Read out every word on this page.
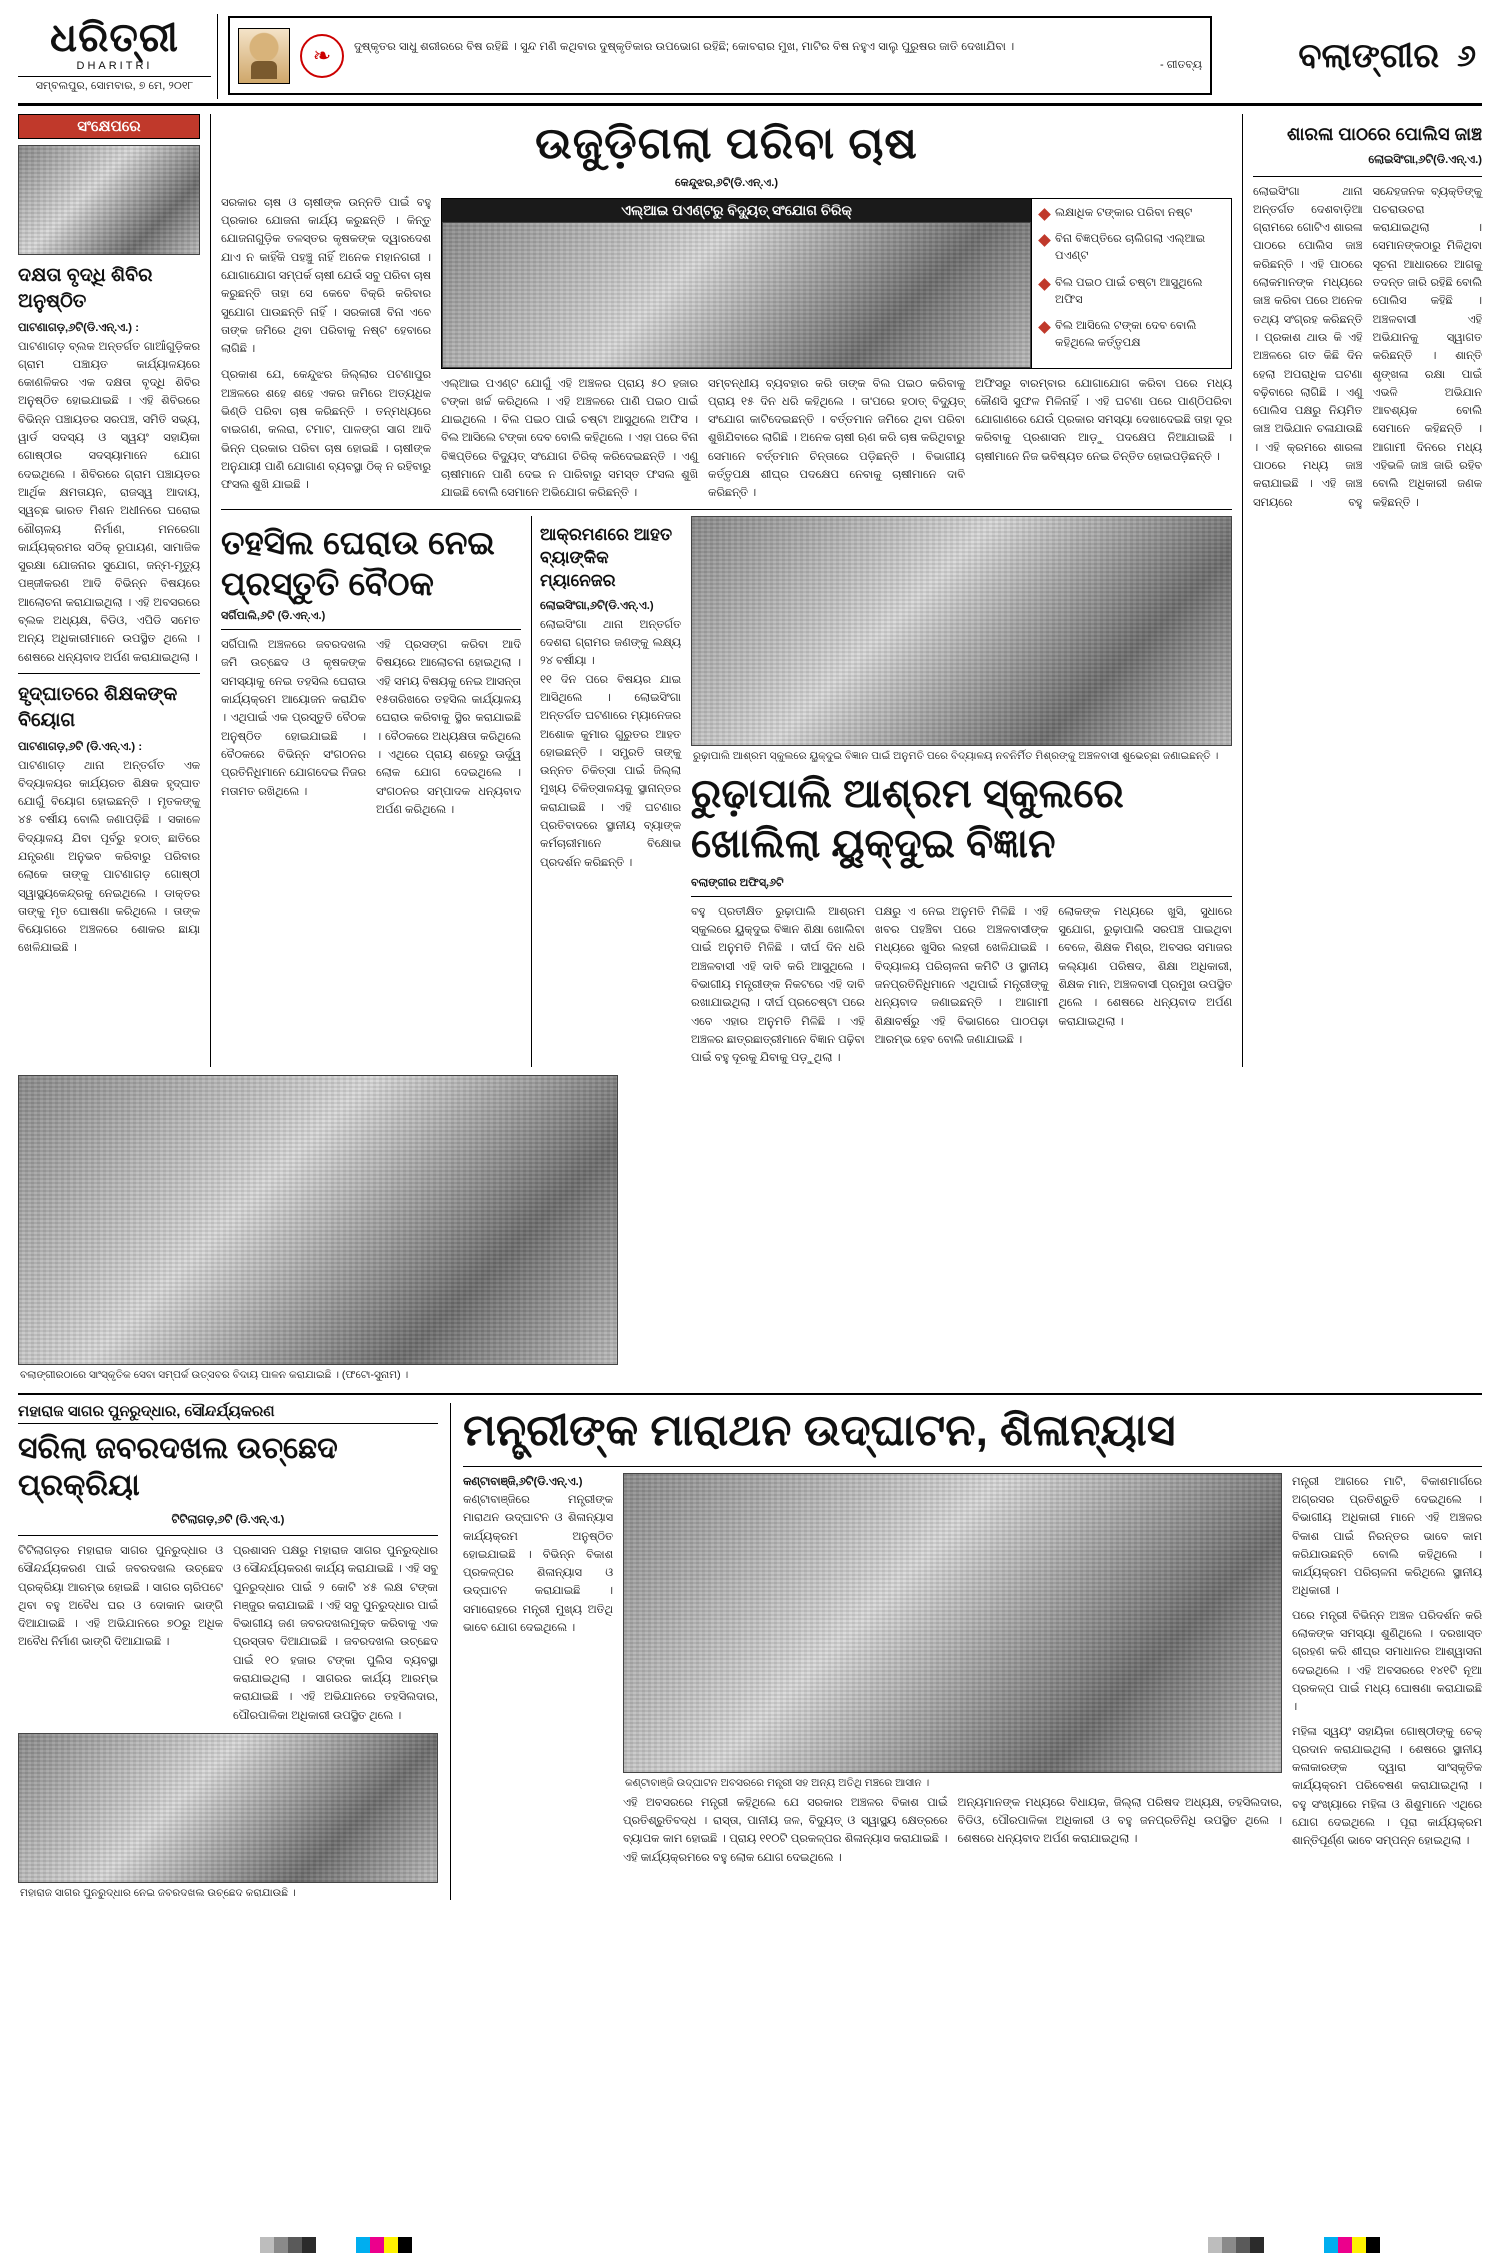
ଧରିତ୍ରୀ
DHARITRI
ସମ୍ବଲପୁର, ସୋମବାର, ୭ ମେ, ୨୦୧୮
❧	ଦୁଷ୍କୃତର ସାଧୁ ଶରୀରରେ ବିଷ ରହିଛି । ସୁନ୍ଦ ମଣି କଥିବାର ଦୁଷ୍କୃତିକାର ଉପଭୋଗ ରହିଛି; କୋବରାର ମୁଖ, ମାଟିର ବିଷ ନହୁଏ ସାଲୁ ପୁରୁଷର ଜାତି ଦେଖାଯିବା ।
- ଗୀତବ୍ୟ	ବଲାଙ୍ଗୀର ୬
ସଂକ୍ଷେପରେ
ଦକ୍ଷତା ବୃଦ୍ଧି ଶିବିର ଅନୁଷ୍ଠିତ
ପାଟଣାଗଡ଼,୬ଟି(ଡି.ଏନ୍.ଏ.) :
ପାଟଣାଗଡ଼ ବ୍ଲକ ଅନ୍ତର୍ଗତ ଗାଆଁଗୁଡ଼ିକର ଗ୍ରାମ ପଞ୍ଚାୟତ କାର୍ଯ୍ୟାଳୟରେ କୋଣଳିକର ଏକ ଦକ୍ଷତା ବୃଦ୍ଧି ଶିବିର ଅନୁଷ୍ଠିତ ହୋଇଯାଇଛି । ଏହି ଶିବିରରେ ବିଭିନ୍ନ ପଞ୍ଚାୟତର ସରପଞ୍ଚ, ସମିତି ସଭ୍ୟ, ୱାର୍ଡ ସଦସ୍ୟ ଓ ସ୍ୱୟଂ ସହାୟିକା ଗୋଷ୍ଠୀର ସଦସ୍ୟାମାନେ ଯୋଗ ଦେଇଥିଲେ । ଶିବିରରେ ଗ୍ରାମ ପଞ୍ଚାୟତର ଆର୍ଥିକ କ୍ଷମତାୟନ, ରାଜସ୍ୱ ଆଦାୟ, ସ୍ୱଚ୍ଛ ଭାରତ ମିଶନ ଅଧୀନରେ ଘରୋଇ ଶୌଚାଳୟ ନିର୍ମାଣ, ମନରେଗା କାର୍ଯ୍ୟକ୍ରମର ସଠିକ୍ ରୂପାୟଣ, ସାମାଜିକ ସୁରକ୍ଷା ଯୋଜନାର ସୁଯୋଗ, ଜନ୍ମ-ମୃତ୍ୟୁ ପଞ୍ଜୀକରଣ ଆଦି ବିଭିନ୍ନ ବିଷୟରେ ଆଲୋଚନା କରାଯାଇଥିଲା । ଏହି ଅବସରରେ ବ୍ଲକ ଅଧ୍ୟକ୍ଷ, ବିଡିଓ, ଏପିଡି ସମେତ ଅନ୍ୟ ଅଧିକାରୀମାନେ ଉପସ୍ଥିତ ଥିଲେ । ଶେଷରେ ଧନ୍ୟବାଦ ଅର୍ପଣ କରାଯାଇଥିଲା ।
ହୃଦ୍‌ଘାତରେ ଶିକ୍ଷକଙ୍କ ବିୟୋଗ
ପାଟଣାଗଡ଼,୬ଟି (ଡି.ଏନ୍.ଏ.) :
ପାଟଣାଗଡ଼ ଥାନା ଅନ୍ତର୍ଗତ ଏକ ବିଦ୍ୟାଳୟର କାର୍ଯ୍ୟରତ ଶିକ୍ଷକ ହୃଦ୍‌ଘାତ ଯୋଗୁଁ ବିୟୋଗ ହୋଇଛନ୍ତି । ମୃତକଙ୍କୁ ୪୫ ବର୍ଷୀୟ ବୋଲି ଜଣାପଡ଼ିଛି । ସକାଳେ ବିଦ୍ୟାଳୟ ଯିବା ପୂର୍ବରୁ ହଠାତ୍ ଛାତିରେ ଯନ୍ତ୍ରଣା ଅନୁଭବ କରିବାରୁ ପରିବାର ଲୋକେ ତାଙ୍କୁ ପାଟଣାଗଡ଼ ଗୋଷ୍ଠୀ ସ୍ୱାସ୍ଥ୍ୟକେନ୍ଦ୍ରକୁ ନେଇଥିଲେ । ଡାକ୍ତର ତାଙ୍କୁ ମୃତ ଘୋଷଣା କରିଥିଲେ । ତାଙ୍କ ବିୟୋଗରେ ଅଞ୍ଚଳରେ ଶୋକର ଛାୟା ଖେଳିଯାଇଛି ।
ଉଜୁଡ଼ିଗଲା ପରିବା ଚାଷ
କେନ୍ଦୁଝର,୬ଟି(ଡି.ଏନ୍.ଏ.)
ସରକାର ଚାଷ ଓ ଚାଷୀଙ୍କ ଉନ୍ନତି ପାଇଁ ବହୁ ପ୍ରକାର ଯୋଜନା କାର୍ଯ୍ୟ କରୁଛନ୍ତି । କିନ୍ତୁ ଯୋଜନାଗୁଡ଼ିକ ତଳସ୍ତର କୃଷକଙ୍କ ଦ୍ୱାରଦେଶ ଯାଏ ନ କାହିଁକି ପହଞ୍ଚୁ ନାହିଁ ଅନେକ ମହାନଗରୀ । ଯୋଗାଯୋଗ ସମ୍ପର୍କ ଚାଷୀ ଯେଉଁ ସବୁ ପରିବା ଚାଷ କରୁଛନ୍ତି ତାହା ସେ କେବେ ବିକ୍ରି କରିବାର ସୁଯୋଗ ପାଉଛନ୍ତି ନାହିଁ । ସରକାରୀ ବିନା ଏବେ ତାଙ୍କ ଜମିରେ ଥିବା ପରିବାକୁ ନଷ୍ଟ ହେବାରେ ଲାଗିଛି ।
ପ୍ରକାଶ ଯେ, କେନ୍ଦୁଝର ଜିଲ୍ଲାର ପଟଣାପୁର ଅଞ୍ଚଳରେ ଶହେ ଶହେ ଏକର ଜମିରେ ଅତ୍ୟଧିକ ଭିଣ୍ଡି ପରିବା ଚାଷ କରିଛନ୍ତି । ତନ୍ମଧ୍ୟରେ ବାଇଗଣ, କଲରା, ଟମାଟ, ପାଳଙ୍ଗ ସାଗ ଆଦି ଭିନ୍ନ ପ୍ରକାର ପରିବା ଚାଷ ହୋଇଛି । ଚାଷୀଙ୍କ ଅନୁଯାୟୀ ପାଣି ଯୋଗାଣ ବ୍ୟବସ୍ଥା ଠିକ୍ ନ ରହିବାରୁ ଫସଲ ଶୁଖି ଯାଇଛି ।
ଏଲ୍‌ଆଇ ପଏଣ୍ଟରୁ ବିଦ୍ୟୁତ୍ ସଂଯୋଗ ଚିରିକ୍	ଲକ୍ଷାଧିକ ଟଙ୍କାର ପରିବା ନଷ୍ଟ
ବିନା ବିଜ୍ଞପ୍ତିରେ ଚାଲିଗଲା ଏଲ୍‌ଆଇ ପଏଣ୍ଟ
ବିଲ ପଇଠ ପାଇଁ ଚଷ୍ଟା ଆସୁଥିଲେ ଅଫିସ
ବିଲ ଆସିଲେ ଟଙ୍କା ଦେବ ବୋଲି କହିଥିଲେ କର୍ତ୍ତୃପକ୍ଷ
ଏଲ୍‌ଆଇ ପଏଣ୍ଟ ଯୋଗୁଁ ଏହି ଅଞ୍ଚଳର ପ୍ରାୟ ୫୦ ହଜାର ଟଙ୍କା ଖର୍ଚ୍ଚ କରିଥିଲେ । ଏହି ଅଞ୍ଚଳରେ ପାଣି ପଇଠ ପାଇଁ ଯାଇଥିଲେ । ବିଲ ପଇଠ ପାଇଁ ଚଷ୍ଟା ଆସୁଥିଲେ ଅଫିସ । ବିଲ ଆସିଲେ ଟଙ୍କା ଦେବ ବୋଲି କହିଥିଲେ । ଏହା ପରେ ବିନା ବିଜ୍ଞପ୍ତିରେ ବିଦ୍ୟୁତ୍ ସଂଯୋଗ ଚିରିକ୍ କରିଦେଇଛନ୍ତି । ଏଣୁ ଚାଷୀମାନେ ପାଣି ଦେଇ ନ ପାରିବାରୁ ସମସ୍ତ ଫସଲ ଶୁଖି ଯାଇଛି ବୋଲି ସେମାନେ ଅଭିଯୋଗ କରିଛନ୍ତି ।
ସମ୍ବନ୍ଧୀୟ ବ୍ୟବହାର କରି ତାଙ୍କ ବିଲ ପଇଠ କରିବାକୁ ପ୍ରାୟ ୧୫ ଦିନ ଧରି କହିଥିଲେ । ତା'ପରେ ହଠାତ୍ ବିଦ୍ୟୁତ୍ ସଂଯୋଗ କାଟିଦେଇଛନ୍ତି । ବର୍ତ୍ତମାନ ଜମିରେ ଥିବା ପରିବା ଶୁଖିଯିବାରେ ଲାଗିଛି । ଅନେକ ଚାଷୀ ଋଣ କରି ଚାଷ କରିଥିବାରୁ ସେମାନେ ବର୍ତ୍ତମାନ ଚିନ୍ତାରେ ପଡ଼ିଛନ୍ତି । ବିଭାଗୀୟ କର୍ତ୍ତୃପକ୍ଷ ଶୀଘ୍ର ପଦକ୍ଷେପ ନେବାକୁ ଚାଷୀମାନେ ଦାବି କରିଛନ୍ତି ।
ଅଫିସରୁ ବାରମ୍ବାର ଯୋଗାଯୋଗ କରିବା ପରେ ମଧ୍ୟ କୌଣସି ସୁଫଳ ମିଳିନାହିଁ । ଏହି ଘଟଣା ପରେ ପାଣ୍ଠିପରିବା ଯୋଗାଣରେ ଯେଉଁ ପ୍ରକାର ସମସ୍ୟା ଦେଖାଦେଇଛି ତାହା ଦୂର କରିବାକୁ ପ୍ରଶାସନ ଆଡ଼ୁ ପଦକ୍ଷେପ ନିଆଯାଇଛି । ଚାଷୀମାନେ ନିଜ ଭବିଷ୍ୟତ ନେଇ ଚିନ୍ତିତ ହୋଇପଡ଼ିଛନ୍ତି ।
ତହସିଲ ଘେରାଉ ନେଇ ପ୍ରସ୍ତୁତି ବୈଠକ
ସର୍ଗିପାଲି,୬ଟି (ଡି.ଏନ୍.ଏ.)
ସର୍ଗିପାଲି ଅଞ୍ଚଳରେ ଜବରଦଖଲ ଜମି ଉଚ୍ଛେଦ ଓ କୃଷକଙ୍କ ସମସ୍ୟାକୁ ନେଇ ତହସିଲ ଘେରାଉ କାର୍ଯ୍ୟକ୍ରମ ଆୟୋଜନ କରାଯିବ । ଏଥିପାଇଁ ଏକ ପ୍ରସ୍ତୁତି ବୈଠକ ଅନୁଷ୍ଠିତ ହୋଇଯାଇଛି । ବୈଠକରେ ବିଭିନ୍ନ ସଂଗଠନର ପ୍ରତିନିଧିମାନେ ଯୋଗଦେଇ ନିଜର ମତାମତ ରଖିଥିଲେ ।
ଏହି ପ୍ରସଙ୍ଗ କରିବା ଆଦି ବିଷୟରେ ଆଲୋଚନା ହୋଇଥିଲା । ଏହି ସମୟ ବିଷୟକୁ ନେଇ ଆସନ୍ତା ୧୫ତାରିଖରେ ତହସିଲ କାର୍ଯ୍ୟାଳୟ ଘେରାଉ କରିବାକୁ ସ୍ଥିର କରାଯାଇଛି । ବୈଠକରେ ଅଧ୍ୟକ୍ଷତା କରିଥିଲେ । ଏଥିରେ ପ୍ରାୟ ଶହେରୁ ଊର୍ଦ୍ଧ୍ୱ ଲୋକ ଯୋଗ ଦେଇଥିଲେ । ସଂଗଠନର ସମ୍ପାଦକ ଧନ୍ୟବାଦ ଅର୍ପଣ କରିଥିଲେ ।
ଆକ୍ରମଣରେ ଆହତ ବ୍ୟାଙ୍କିକ ମ୍ୟାନେଜର
ଲୋଇସିଂଗା,୬ଟି(ଡି.ଏନ୍.ଏ.)
ଲୋଇସିଂଗା ଥାନା ଅନ୍ତର୍ଗତ ଦେଶରା ଗ୍ରାମର ଜଣଙ୍କୁ ଲକ୍ଷ୍ୟ ୨୪ ବର୍ଷୀୟା ।
୧୧ ଦିନ ପରେ ବିଷୟର ଯାଇ ଆସିଥିଲେ । ଲୋଇସିଂଗା ଅନ୍ତର୍ଗତ ଘଟଣାରେ ମ୍ୟାନେଜର ଅଶୋକ କୁମାର ଗୁରୁତର ଆହତ ହୋଇଛନ୍ତି । ସମ୍ପ୍ରତି ତାଙ୍କୁ ଉନ୍ନତ ଚିକିତ୍ସା ପାଇଁ ଜିଲ୍ଲା ମୁଖ୍ୟ ଚିକିତ୍ସାଳୟକୁ ସ୍ଥାନାନ୍ତର କରାଯାଇଛି । ଏହି ଘଟଣାର ପ୍ରତିବାଦରେ ସ୍ଥାନୀୟ ବ୍ୟାଙ୍କ କର୍ମଚାରୀମାନେ ବିକ୍ଷୋଭ ପ୍ରଦର୍ଶନ କରିଛନ୍ତି ।
ରୁଢ଼ାପାଲି ଆଶ୍ରମ ସ୍କୁଲରେ ୟୁକ୍‌ଦୁଇ ବିଜ୍ଞାନ ପାଇଁ ଅନୁମତି ପରେ ବିଦ୍ୟାଳୟ ନବନିର୍ମିତ ମିଶ୍ରଙ୍କୁ ଅଞ୍ଚଳବାସୀ ଶୁଭେଚ୍ଛା ଜଣାଇଛନ୍ତି ।
ରୁଢ଼ାପାଲି ଆଶ୍ରମ ସ୍କୁଲରେ ଖୋଲିଲା ୟୁକ୍‌ଦୁଇ ବିଜ୍ଞାନ
ବଲାଙ୍ଗୀର ଅଫିସ୍,୬ଟି
ବହୁ ପ୍ରତୀକ୍ଷିତ ରୁଢ଼ାପାଲି ଆଶ୍ରମ ସ୍କୁଲରେ ୟୁକ୍‌ଦୁଇ ବିଜ୍ଞାନ ଶିକ୍ଷା ଖୋଲିବା ପାଇଁ ଅନୁମତି ମିଳିଛି । ଦୀର୍ଘ ଦିନ ଧରି ଅଞ୍ଚଳବାସୀ ଏହି ଦାବି କରି ଆସୁଥିଲେ । ବିଭାଗୀୟ ମନ୍ତ୍ରୀଙ୍କ ନିକଟରେ ଏହି ଦାବି ରଖାଯାଇଥିଲା । ଦୀର୍ଘ ପ୍ରଚେଷ୍ଟା ପରେ ଏବେ ଏହାର ଅନୁମତି ମିଳିଛି । ଏହି ଅଞ୍ଚଳର ଛାତ୍ରଛାତ୍ରୀମାନେ ବିଜ୍ଞାନ ପଢ଼ିବା ପାଇଁ ବହୁ ଦୂରକୁ ଯିବାକୁ ପଡ଼ୁଥିଲା ।
ପକ୍ଷରୁ ଏ ନେଇ ଅନୁମତି ମିଳିଛି । ଏହି ଖବର ପହଞ୍ଚିବା ପରେ ଅଞ୍ଚଳବାସୀଙ୍କ ମଧ୍ୟରେ ଖୁସିର ଲହରୀ ଖେଳିଯାଇଛି । ବିଦ୍ୟାଳୟ ପରିଚାଳନା କମିଟି ଓ ସ୍ଥାନୀୟ ଜନପ୍ରତିନିଧିମାନେ ଏଥିପାଇଁ ମନ୍ତ୍ରୀଙ୍କୁ ଧନ୍ୟବାଦ ଜଣାଇଛନ୍ତି । ଆଗାମୀ ଶିକ୍ଷାବର୍ଷରୁ ଏହି ବିଭାଗରେ ପାଠପଢ଼ା ଆରମ୍ଭ ହେବ ବୋଲି ଜଣାଯାଇଛି ।
ଲୋକଙ୍କ ମଧ୍ୟରେ ଖୁସି, ସୁଧାରେ ସୁଯୋଗ, ରୁଢ଼ାପାଲି ସରପଞ୍ଚ ପାଇଥିବା ବେଳେ, ଶିକ୍ଷକ ମିଶ୍ର, ଅବସର ସମାଜର କଲ୍ୟାଣ ପରିଷଦ, ଶିକ୍ଷା ଅଧିକାରୀ, ଶିକ୍ଷକ ମାନ, ଅଞ୍ଚଳବାସୀ ପ୍ରମୁଖ ଉପସ୍ଥିତ ଥିଲେ । ଶେଷରେ ଧନ୍ୟବାଦ ଅର୍ପଣ କରାଯାଇଥିଲା ।
ଶାରଳା ପାଠରେ ପୋଲିସ ଜାଞ୍ଚ
ଲୋଇସିଂଗା,୬ଟି(ଡି.ଏନ୍.ଏ.)
ଲୋଇସିଂଗା ଥାନା ଅନ୍ତର୍ଗତ ଦେଶବାଡ଼ିଆ ଗ୍ରାମରେ ଗୋଟିଏ ଶାରଳା ପାଠରେ ପୋଲିସ ଜାଞ୍ଚ କରିଛନ୍ତି । ଏହି ପାଠରେ ଲୋକମାନଙ୍କ ମଧ୍ୟରେ ଜାଞ୍ଚ କରିବା ପରେ ଅନେକ ତଥ୍ୟ ସଂଗ୍ରହ କରିଛନ୍ତି । ପ୍ରକାଶ ଥାଉ କି ଏହି ଅଞ୍ଚଳରେ ଗତ କିଛି ଦିନ ହେଲା ଅପରାଧିକ ଘଟଣା ବଢ଼ିବାରେ ଲାଗିଛି । ଏଣୁ ପୋଲିସ ପକ୍ଷରୁ ନିୟମିତ ଜାଞ୍ଚ ଅଭିଯାନ ଚଳାଯାଉଛି । ଏହି କ୍ରମରେ ଶାରଳା ପାଠରେ ମଧ୍ୟ ଜାଞ୍ଚ କରାଯାଇଛି । ଏହି ଜାଞ୍ଚ ସମୟରେ ବହୁ ସନ୍ଦେହଜନକ ବ୍ୟକ୍ତିଙ୍କୁ ପଚରାଉଚରା କରାଯାଇଥିଲା । ସେମାନଙ୍କଠାରୁ ମିଳିଥିବା ସୂଚନା ଆଧାରରେ ଆଗକୁ ତଦନ୍ତ ଜାରି ରହିଛି ବୋଲି ପୋଲିସ କହିଛି । ଅଞ୍ଚଳବାସୀ ଏହି ଅଭିଯାନକୁ ସ୍ୱାଗତ କରିଛନ୍ତି । ଶାନ୍ତି ଶୃଙ୍ଖଳା ରକ୍ଷା ପାଇଁ ଏଭଳି ଅଭିଯାନ ଆବଶ୍ୟକ ବୋଲି ସେମାନେ କହିଛନ୍ତି । ଆଗାମୀ ଦିନରେ ମଧ୍ୟ ଏହିଭଳି ଜାଞ୍ଚ ଜାରି ରହିବ ବୋଲି ଅଧିକାରୀ ଜଣକ କହିଛନ୍ତି ।
ବଲାଙ୍ଗୀରଠାରେ ସାଂସ୍କୃତିକ ସେବା ସମ୍ପର୍କ ଉତ୍ସବର ବିଦାୟ ପାଳନ କରାଯାଇଛି । (ଫଟୋ-ସୁନାମ) ।
ମହାରାଜ ସାଗର ପୁନରୁଦ୍ଧାର, ସୌନ୍ଦର୍ଯ୍ୟକରଣ
ସରିଲା ଜବରଦଖଲ ଉଚ୍ଛେଦ ପ୍ରକ୍ରିୟା
ଟିଟିଲାଗଡ଼,୬ଟି (ଡି.ଏନ୍.ଏ.)
ଟିଟିଲାଗଡ଼ର ମହାରାଜ ସାଗର ପୁନରୁଦ୍ଧାର ଓ ସୌନ୍ଦର୍ଯ୍ୟକରଣ ପାଇଁ ଜବରଦଖଲ ଉଚ୍ଛେଦ ପ୍ରକ୍ରିୟା ଆରମ୍ଭ ହୋଇଛି । ସାଗର ଚାରିପଟେ ଥିବା ବହୁ ଅବୈଧ ଘର ଓ ଦୋକାନ ଭାଙ୍ଗି ଦିଆଯାଇଛି । ଏହି ଅଭିଯାନରେ ୭୦ରୁ ଅଧିକ ଅବୈଧ ନିର୍ମାଣ ଭାଙ୍ଗି ଦିଆଯାଇଛି ।
ପ୍ରଶାସନ ପକ୍ଷରୁ ମହାରାଜ ସାଗର ପୁନରୁଦ୍ଧାର ଓ ସୌନ୍ଦର୍ଯ୍ୟକରଣ କାର୍ଯ୍ୟ କରାଯାଇଛି । ଏହି ସବୁ ପୁନରୁଦ୍ଧାର ପାଇଁ ୨ କୋଟି ୪୫ ଲକ୍ଷ ଟଙ୍କା ମଞ୍ଜୁର କରାଯାଇଛି । ଏହି ସବୁ ପୁନରୁଦ୍ଧାର ପାଇଁ ବିଭାଗୀୟ ଜଣ ଜବରଦଖଲମୁକ୍ତ କରିବାକୁ ଏକ ପ୍ରସ୍ତାବ ଦିଆଯାଇଛି । ଜବରଦଖଲ ଉଚ୍ଛେଦ ପାଇଁ ୧୦ ହଜାର ଟଙ୍କା ପୁଲିସ ବ୍ୟବସ୍ଥା କରାଯାଇଥିଲା । ସାଗରର କାର୍ଯ୍ୟ ଆରମ୍ଭ କରାଯାଇଛି । ଏହି ଅଭିଯାନରେ ତହସିଲଦାର, ପୌରପାଳିକା ଅଧିକାରୀ ଉପସ୍ଥିତ ଥିଲେ ।
ମହାରାଜ ସାଗର ପୁନରୁଦ୍ଧାର ନେଇ ଜବରଦଖଲ ଉଚ୍ଛେଦ କରାଯାଉଛି ।
ମନ୍ତ୍ରୀଙ୍କ ମାରାଥନ ଉଦ୍‌ଘାଟନ, ଶିଳାନ୍ୟାସ
କଣ୍ଟାବାଞ୍ଜି,୬ଟି(ଡି.ଏନ୍.ଏ.)
କଣ୍ଟାବାଞ୍ଜିରେ ମନ୍ତ୍ରୀଙ୍କ ମାରାଥନ ଉଦ୍‌ଘାଟନ ଓ ଶିଳାନ୍ୟାସ କାର୍ଯ୍ୟକ୍ରମ ଅନୁଷ୍ଠିତ ହୋଇଯାଇଛି । ବିଭିନ୍ନ ବିକାଶ ପ୍ରକଳ୍ପର ଶିଳାନ୍ୟାସ ଓ ଉଦ୍‌ଘାଟନ କରାଯାଇଛି । ସମାରୋହରେ ମନ୍ତ୍ରୀ ମୁଖ୍ୟ ଅତିଥି ଭାବେ ଯୋଗ ଦେଇଥିଲେ ।
କଣ୍ଟାବାଞ୍ଜି ଉଦ୍‌ଘାଟନ ଅବସରରେ ମନ୍ତ୍ରୀ ସହ ଅନ୍ୟ ଅତିଥି ମଞ୍ଚରେ ଆସୀନ ।
ଏହି ଅବସରରେ ମନ୍ତ୍ରୀ କହିଥିଲେ ଯେ ସରକାର ଅଞ୍ଚଳର ବିକାଶ ପାଇଁ ପ୍ରତିଶ୍ରୁତିବଦ୍ଧ । ରାସ୍ତା, ପାନୀୟ ଜଳ, ବିଦ୍ୟୁତ୍ ଓ ସ୍ୱାସ୍ଥ୍ୟ କ୍ଷେତ୍ରରେ ବ୍ୟାପକ କାମ ହୋଇଛି । ପ୍ରାୟ ୧୧୦ଟି ପ୍ରକଳ୍ପର ଶିଳାନ୍ୟାସ କରାଯାଇଛି । ଏହି କାର୍ଯ୍ୟକ୍ରମରେ ବହୁ ଲୋକ ଯୋଗ ଦେଇଥିଲେ ।
ଅନ୍ୟମାନଙ୍କ ମଧ୍ୟରେ ବିଧାୟକ, ଜିଲ୍ଲା ପରିଷଦ ଅଧ୍ୟକ୍ଷ, ତହସିଲଦାର, ବିଡିଓ, ପୌରପାଳିକା ଅଧିକାରୀ ଓ ବହୁ ଜନପ୍ରତିନିଧି ଉପସ୍ଥିତ ଥିଲେ । ଶେଷରେ ଧନ୍ୟବାଦ ଅର୍ପଣ କରାଯାଇଥିଲା ।
ମନ୍ତ୍ରୀ ଆଗରେ ମାଟି, ବିକାଶମାର୍ଗରେ ଅଗ୍ରସର ପ୍ରତିଶ୍ରୁତି ଦେଇଥିଲେ । ବିଭାଗୀୟ ଅଧିକାରୀ ମାନେ ଏହି ଅଞ୍ଚଳର ବିକାଶ ପାଇଁ ନିରନ୍ତର ଭାବେ କାମ କରିଯାଉଛନ୍ତି ବୋଲି କହିଥିଲେ । କାର୍ଯ୍ୟକ୍ରମ ପରିଚାଳନା କରିଥିଲେ ସ୍ଥାନୀୟ ଅଧିକାରୀ ।
ପରେ ମନ୍ତ୍ରୀ ବିଭିନ୍ନ ଅଞ୍ଚଳ ପରିଦର୍ଶନ କରି ଲୋକଙ୍କ ସମସ୍ୟା ଶୁଣିଥିଲେ । ଦରଖାସ୍ତ ଗ୍ରହଣ କରି ଶୀଘ୍ର ସମାଧାନର ଆଶ୍ୱାସନା ଦେଇଥିଲେ । ଏହି ଅବସରରେ ୧୪୧ଟି ନୂଆ ପ୍ରକଳ୍ପ ପାଇଁ ମଧ୍ୟ ଘୋଷଣା କରାଯାଇଛି ।
ମହିଳା ସ୍ୱୟଂ ସହାୟିକା ଗୋଷ୍ଠୀଙ୍କୁ ଚେକ୍ ପ୍ରଦାନ କରାଯାଇଥିଲା । ଶେଷରେ ସ୍ଥାନୀୟ କଳାକାରଙ୍କ ଦ୍ୱାରା ସାଂସ୍କୃତିକ କାର୍ଯ୍ୟକ୍ରମ ପରିବେଷଣ କରାଯାଇଥିଲା । ବହୁ ସଂଖ୍ୟାରେ ମହିଳା ଓ ଶିଶୁମାନେ ଏଥିରେ ଯୋଗ ଦେଇଥିଲେ । ପୂରା କାର୍ଯ୍ୟକ୍ରମ ଶାନ୍ତିପୂର୍ଣ୍ଣ ଭାବେ ସମ୍ପନ୍ନ ହୋଇଥିଲା ।
